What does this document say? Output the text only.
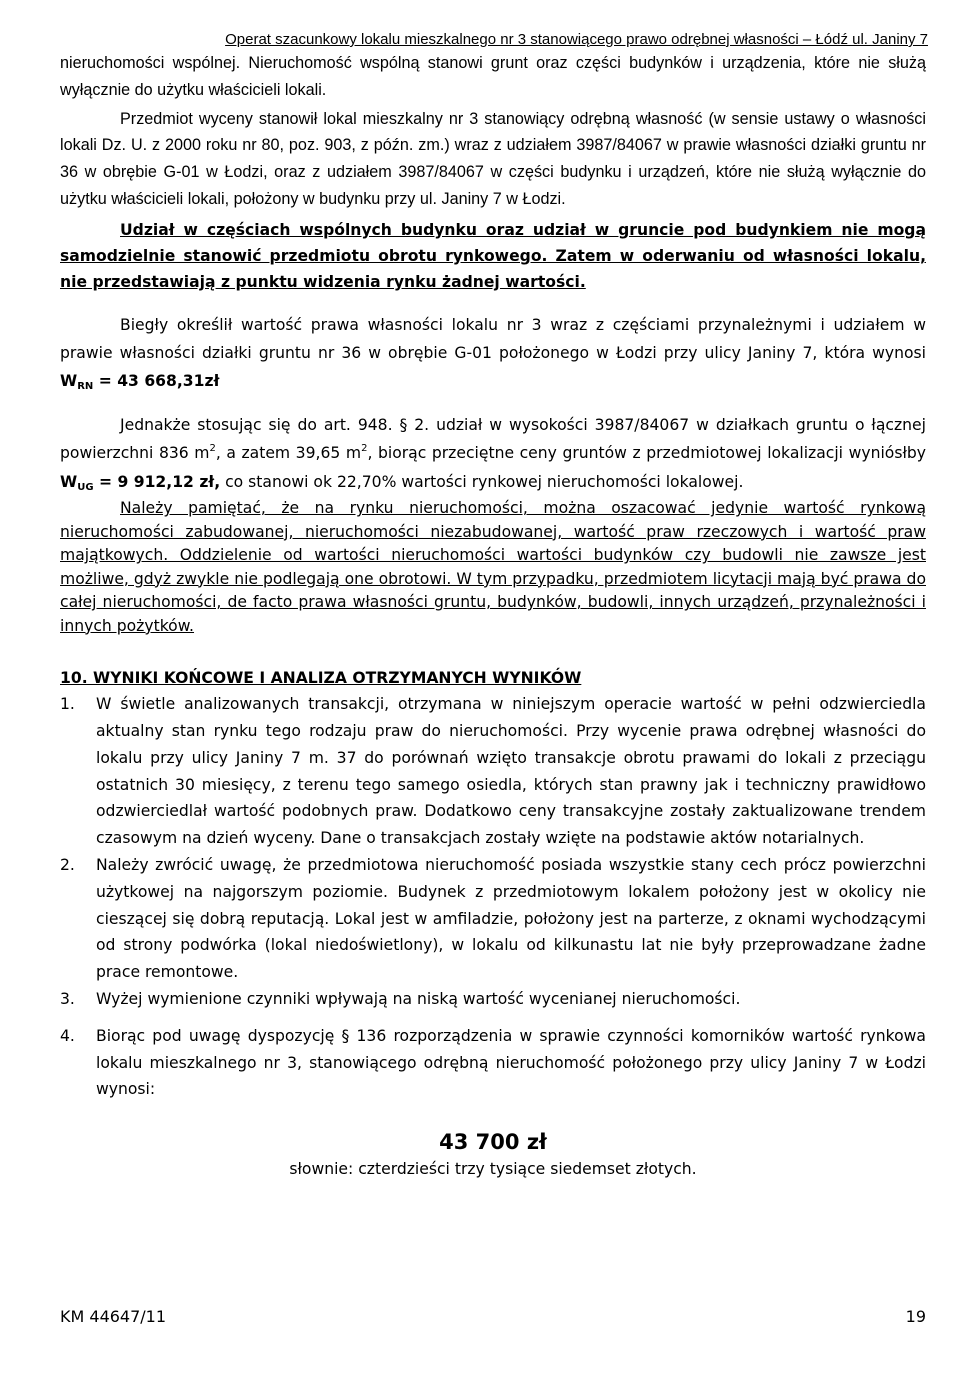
Operat szacunkowy lokalu mieszkalnego nr 3 stanowiącego prawo odrębnej własności – Łódź ul. Janiny 7

nieruchomości wspólnej. Nieruchomość wspólną stanowi grunt oraz części budynków i urządzenia, które nie służą wyłącznie do użytku właścicieli lokali.

Przedmiot wyceny stanowił lokal mieszkalny nr 3 stanowiący odrębną własność (w sensie ustawy o własności lokali Dz. U. z 2000 roku nr 80, poz. 903, z późn. zm.) wraz z udziałem 3987/84067 w prawie własności działki gruntu nr 36 w obrębie G-01 w Łodzi, oraz z udziałem 3987/84067 w części budynku i urządzeń, które nie służą wyłącznie do użytku właścicieli lokali, położony w budynku przy ul. Janiny 7 w Łodzi.

Udział w częściach wspólnych budynku oraz udział w gruncie pod budynkiem nie mogą samodzielnie stanowić przedmiotu obrotu rynkowego. Zatem w oderwaniu od własności lokalu, nie przedstawiają z punktu widzenia rynku żadnej wartości.

Biegły określił wartość prawa własności lokalu nr 3 wraz z częściami przynależnymi i udziałem w prawie własności działki gruntu nr 36 w obrębie G-01 położonego w Łodzi przy ulicy Janiny 7, która wynosi $W_{RN} = 43$ 668,31zł

Jednakże stosując się do art. 948. § 2. udział w wysokości 3987/84067 w działkach gruntu o łącznej powierzchni 836 $m^2$, a zatem 39,65 $m^2$, biorąc przeciętne ceny gruntów z przedmiotowej lokalizacji wyniósłby $W_{UG} = 9$ 912,12 zł, co stanowi ok 22,70% wartości rynkowej nieruchomości lokalowej.

Należy pamiętać, że na rynku nieruchomości, można oszacować jedynie wartość rynkową nieruchomości zabudowanej, nieruchomości niezabudowanej, wartość praw rzeczowych i wartość praw majątkowych. Oddzielenie od wartości nieruchomości wartości budynków czy budowli nie zawsze jest możliwe, gdyż zwykle nie podlegają one obrotowi. W tym przypadku, przedmiotem licytacji mają być prawa do całej nieruchomości, de facto prawa własności gruntu, budynków, budowli, innych urządzeń, przynależności i innych pożytków.

10. WYNIKI KOŃCOWE I ANALIZA OTRZYMANYCH WYNIKÓW
1. W świetle analizowanych transakcji, otrzymana w niniejszym operacie wartość w pełni odzwierciedla aktualny stan rynku tego rodzaju praw do nieruchomości. Przy wycenie prawa odrębnej własności do lokalu przy ulicy Janiny 7 m. 37 do porównań wzięto transakcje obrotu prawami do lokali z przeciągu ostatnich 30 miesięcy, z terenu tego samego osiedla, których stan prawny jak i techniczny prawidłowo odzwierciedlał wartość podobnych praw. Dodatkowo ceny transakcyjne zostały zaktualizowane trendem czasowym na dzień wyceny. Dane o transakcjach zostały wzięte na podstawie aktów notarialnych.
2. Należy zwrócić uwagę, że przedmiotowa nieruchomość posiada wszystkie stany cech prócz powierzchni użytkowej na najgorszym poziomie. Budynek z przedmiotowym lokalem położony jest w okolicy nie cieszącej się dobrą reputacją. Lokal jest w amfiladzie, położony jest na parterze, z oknami wychodzącymi od strony podwórka (lokal niedoświetlony), w lokalu od kilkunastu lat nie były przeprowadzane żadne prace remontowe.
3. Wyżej wymienione czynniki wpływają na niską wartość wycenianej nieruchomości.
4. Biorąc pod uwagę dyspozycję § 136 rozporządzenia w sprawie czynności komorników wartość rynkowa lokalu mieszkalnego nr 3, stanowiącego odrębną nieruchomość położonego przy ulicy Janiny 7 w Łodzi wynosi:
43 700 zł
słownie: czterdzieści trzy tysiące siedemset złotych.
KM 44647/11	19
